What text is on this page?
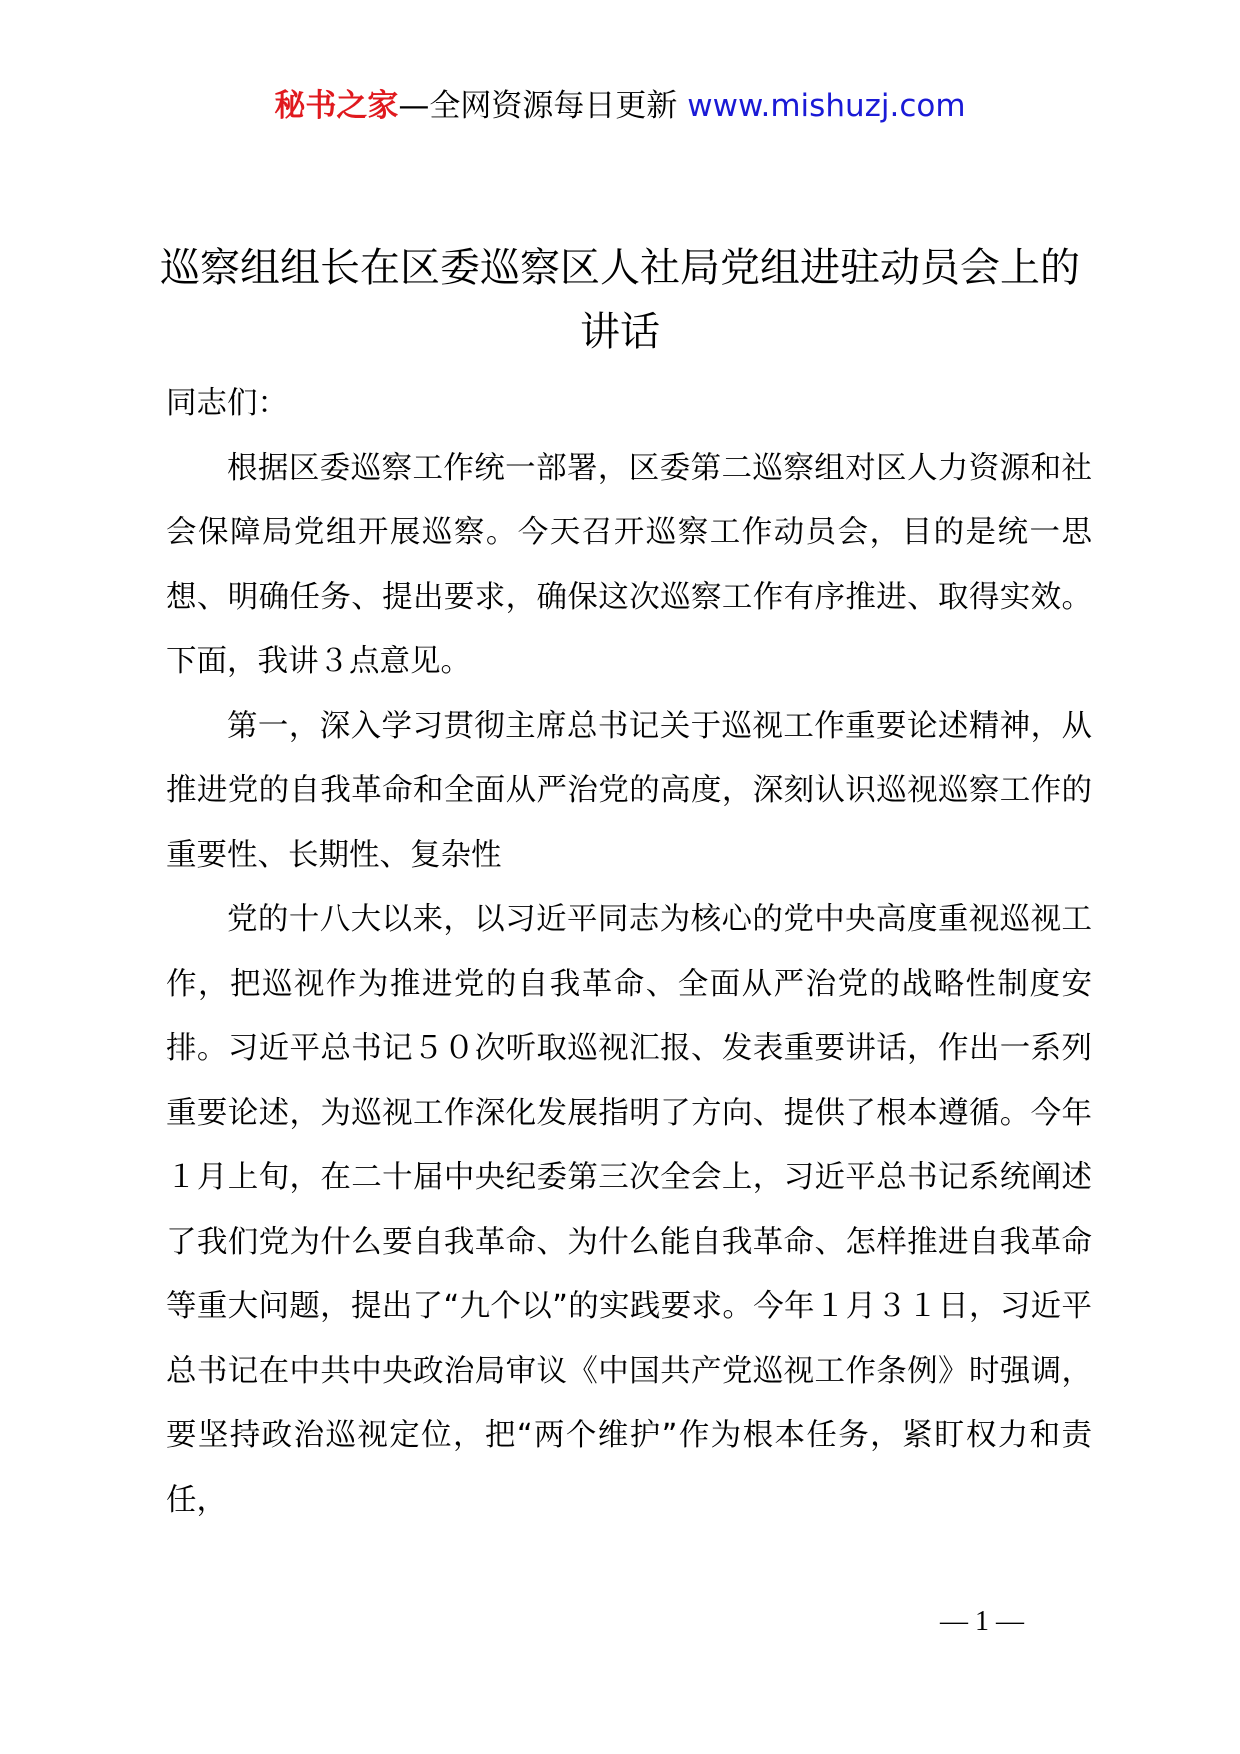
秘书之家—全网资源每日更新 www.mishuzj.com
巡察组组长在区委巡察区人社局党组进驻动员会上的讲话

同志们：

根据区委巡察工作统一部署，区委第二巡察组对区人力资源和社会保障局党组开展巡察。今天召开巡察工作动员会，目的是统一思想、明确任务、提出要求，确保这次巡察工作有序推进、取得实效。下面，我讲３点意见。

第一，深入学习贯彻主席总书记关于巡视工作重要论述精神，从推进党的自我革命和全面从严治党的高度，深刻认识巡视巡察工作的重要性、长期性、复杂性

党的十八大以来，以习近平同志为核心的党中央高度重视巡视工作，把巡视作为推进党的自我革命、全面从严治党的战略性制度安排。习近平总书记５０次听取巡视汇报、发表重要讲话，作出一系列重要论述，为巡视工作深化发展指明了方向、提供了根本遵循。今年１月上旬，在二十届中央纪委第三次全会上，习近平总书记系统阐述了我们党为什么要自我革命、为什么能自我革命、怎样推进自我革命等重大问题，提出了“九个以”的实践要求。今年１月３１日，习近平总书记在中共中央政治局审议《中国共产党巡视工作条例》时强调，要坚持政治巡视定位，把“两个维护”作为根本任务，紧盯权力和责任，

— 1 —
